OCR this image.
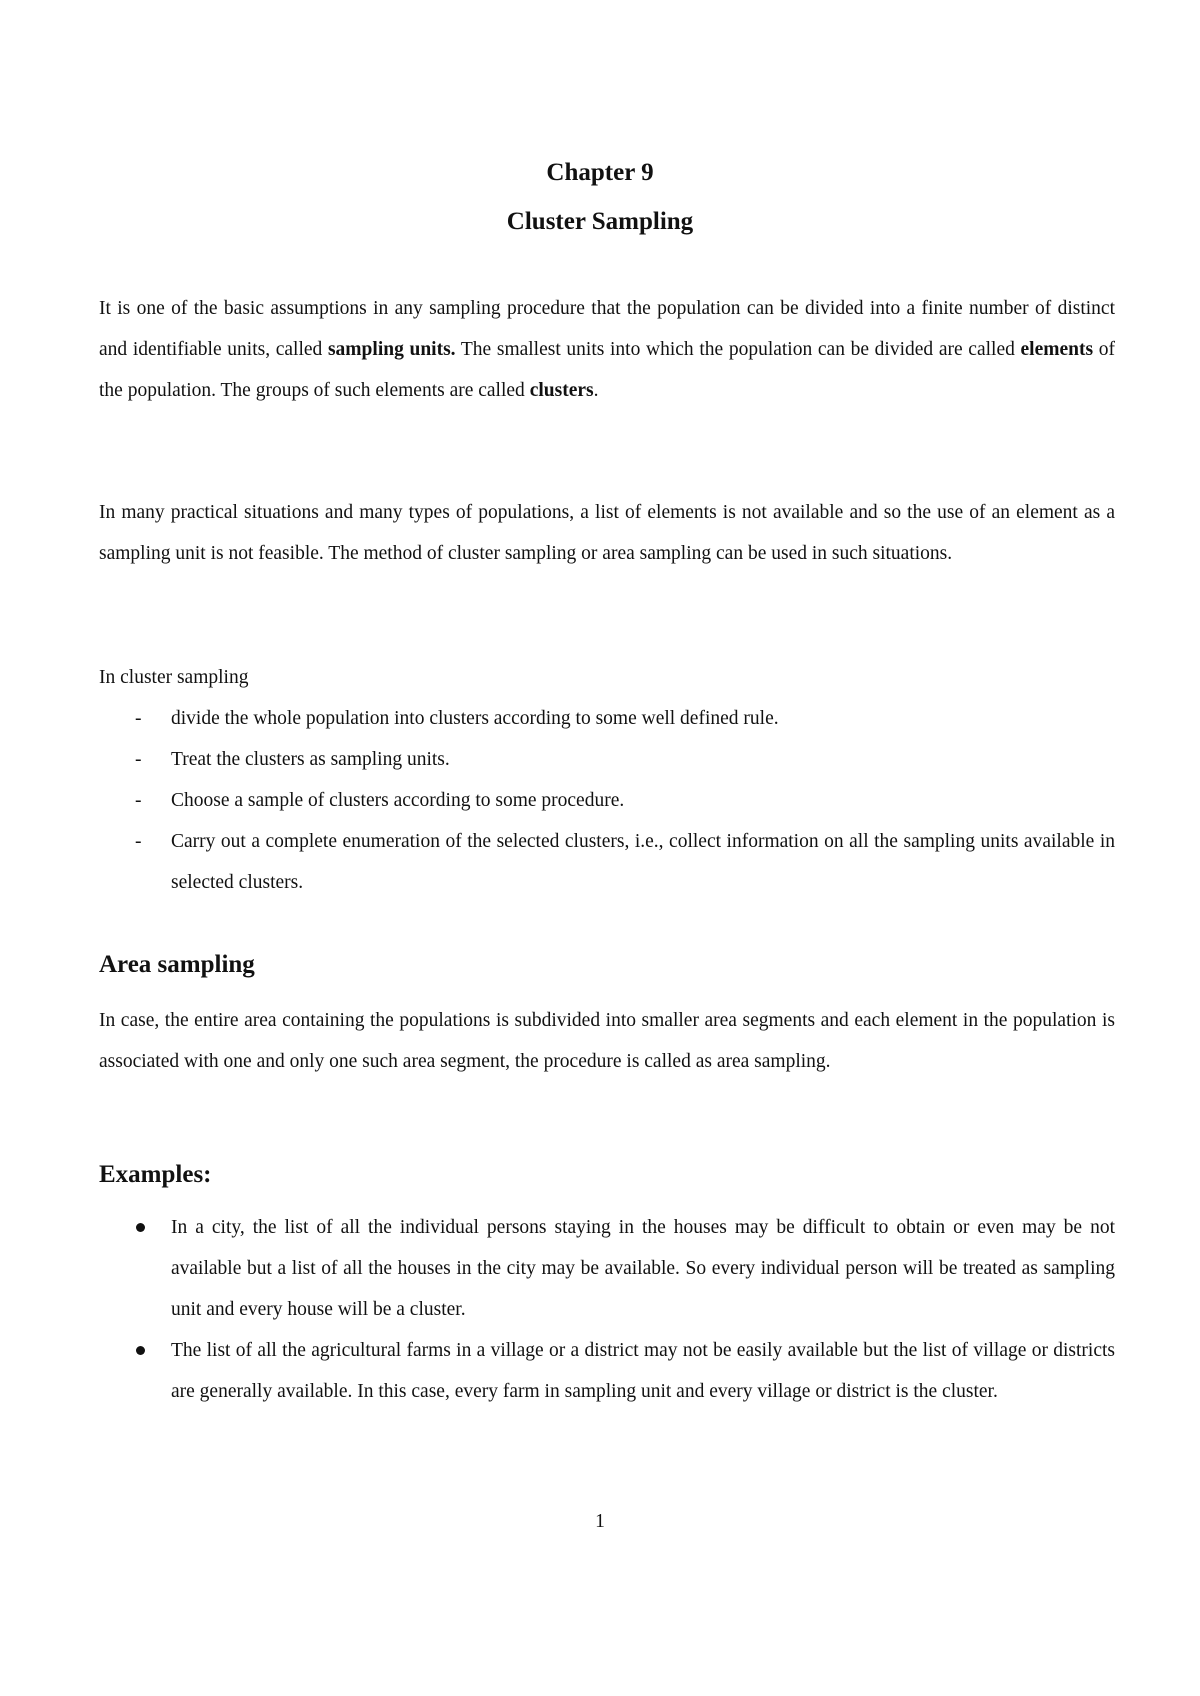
Chapter 9
Cluster Sampling

It is one of the basic assumptions in any sampling procedure that the population can be divided into a finite number of distinct and identifiable units, called sampling units. The smallest units into which the population can be divided are called elements of the population. The groups of such elements are called clusters.

In many practical situations and many types of populations, a list of elements is not available and so the use of an element as a sampling unit is not feasible. The method of cluster sampling or area sampling can be used in such situations.

In cluster sampling

- divide the whole population into clusters according to some well defined rule.
- Treat the clusters as sampling units.
- Choose a sample of clusters according to some procedure.
- Carry out a complete enumeration of the selected clusters, i.e., collect information on all the sampling units available in selected clusters.
Area sampling

In case, the entire area containing the populations is subdivided into smaller area segments and each element in the population is associated with one and only one such area segment, the procedure is called as area sampling.

Examples:
In a city, the list of all the individual persons staying in the houses may be difficult to obtain or even may be not available but a list of all the houses in the city may be available. So every individual person will be treated as sampling unit and every house will be a cluster.
The list of all the agricultural farms in a village or a district may not be easily available but the list of village or districts are generally available. In this case, every farm in sampling unit and every village or district is the cluster.

1
